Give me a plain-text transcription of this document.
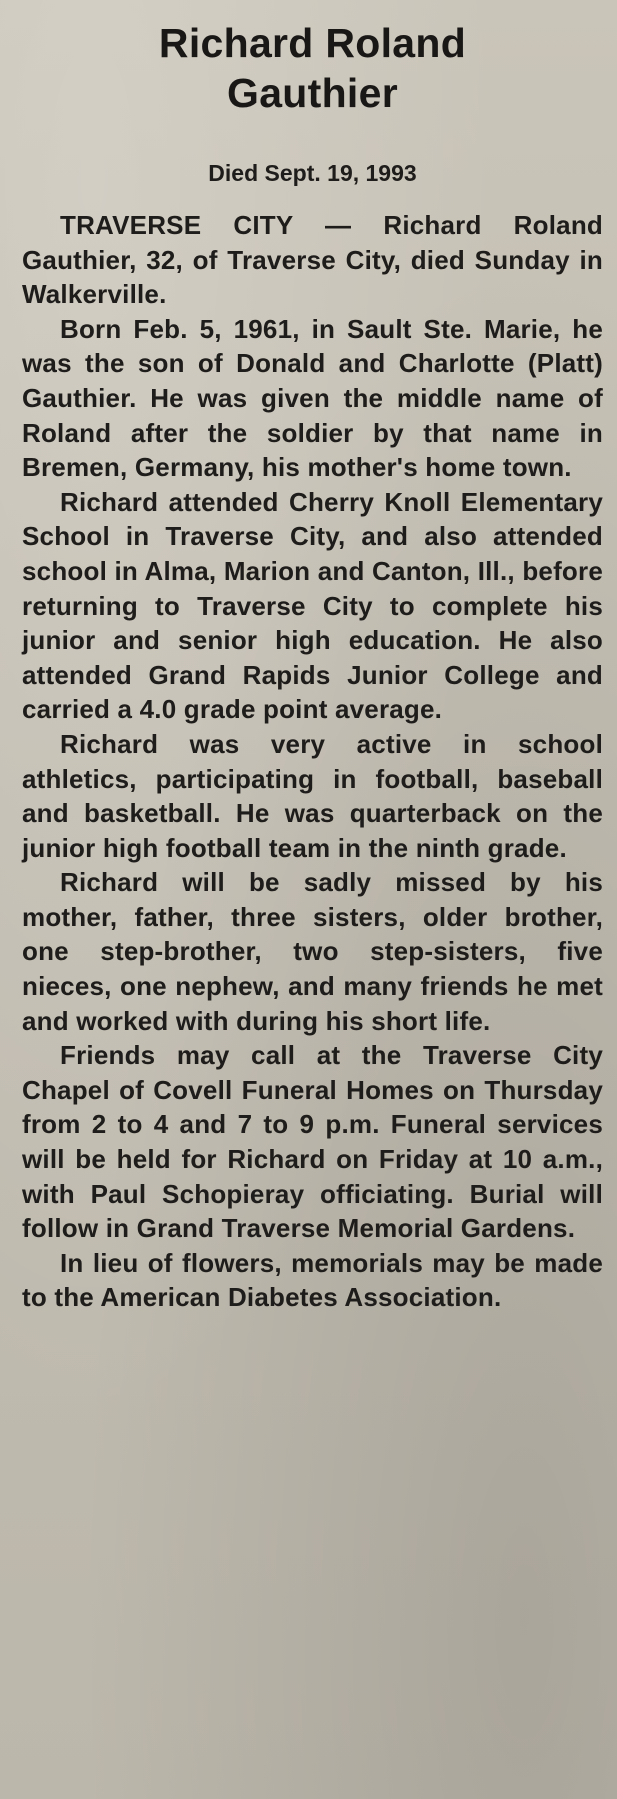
Richard Roland
Gauthier
Died Sept. 19, 1993

TRAVERSE CITY — Richard Roland Gauthier, 32, of Traverse City, died Sunday in Walkerville.

Born Feb. 5, 1961, in Sault Ste. Marie, he was the son of Donald and Charlotte (Platt) Gauthier. He was given the middle name of Roland after the soldier by that name in Bremen, Germany, his mother's home town.

Richard attended Cherry Knoll Elementary School in Traverse City, and also attended school in Alma, Marion and Canton, Ill., before returning to Traverse City to complete his junior and senior high education. He also attended Grand Rapids Junior College and carried a 4.0 grade point average.

Richard was very active in school athletics, participating in football, baseball and basketball. He was quarterback on the junior high football team in the ninth grade.

Richard will be sadly missed by his mother, father, three sisters, older brother, one step-brother, two step-sisters, five nieces, one nephew, and many friends he met and worked with during his short life.

Friends may call at the Traverse City Chapel of Covell Funeral Homes on Thursday from 2 to 4 and 7 to 9 p.m. Funeral services will be held for Richard on Friday at 10 a.m., with Paul Schopieray officiating. Burial will follow in Grand Traverse Memorial Gardens.

In lieu of flowers, memorials may be made to the American Diabetes Association.
